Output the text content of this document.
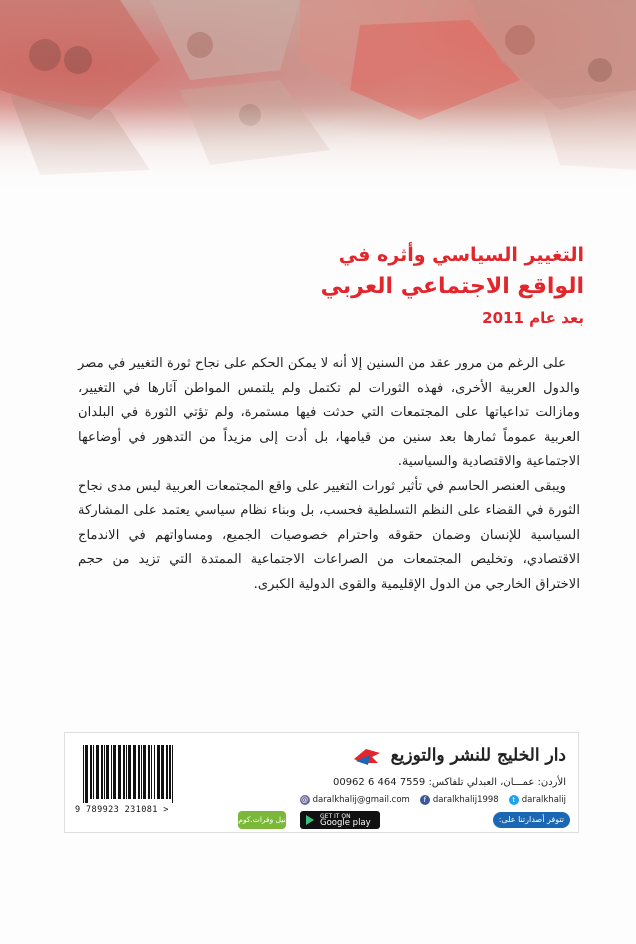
التغيير السياسي وأثره في
الواقع الاجتماعي العربي
بعد عام 2011

على الرغم من مرور عقد من السنين إلا أنه لا يمكن الحكم على نجاح ثورة التغيير في مصر والدول العربية الأخرى، فهذه الثورات لم تكتمل ولم يلتمس المواطن آثارها في التغيير، ومازالت تداعياتها على المجتمعات التي حدثت فيها مستمرة، ولم تؤتي الثورة في البلدان العربية عموماً ثمارها بعد سنين من قيامها، بل أدت إلى مزيداً من التدهور في أوضاعها الاجتماعية والاقتصادية والسياسية.

ويبقى العنصر الحاسم في تأثير ثورات التغيير على واقع المجتمعات العربية ليس مدى نجاح الثورة في القضاء على النظم التسلطية فحسب، بل وبناء نظام سياسي يعتمد على المشاركة السياسية للإنسان وضمان حقوقه واحترام خصوصيات الجميع، ومساواتهم في الاندماج الاقتصادي، وتخليص المجتمعات من الصراعات الاجتماعية الممتدة التي تزيد من حجم الاختراق الخارجي من الدول الإقليمية والقوى الدولية الكبرى.

9 789923 231081 >
دار الخليج للنشر والتوزيع
الأردن: عمـــان، العبدلي تلفاكس: 7559 464 6 00962
@ daralkhalij@gmail.com	f daralkhalij1998	t daralkhalij
نيل وفرات.كوم	GET IT ON
Google play	تتوفر أصدارتنا على:
